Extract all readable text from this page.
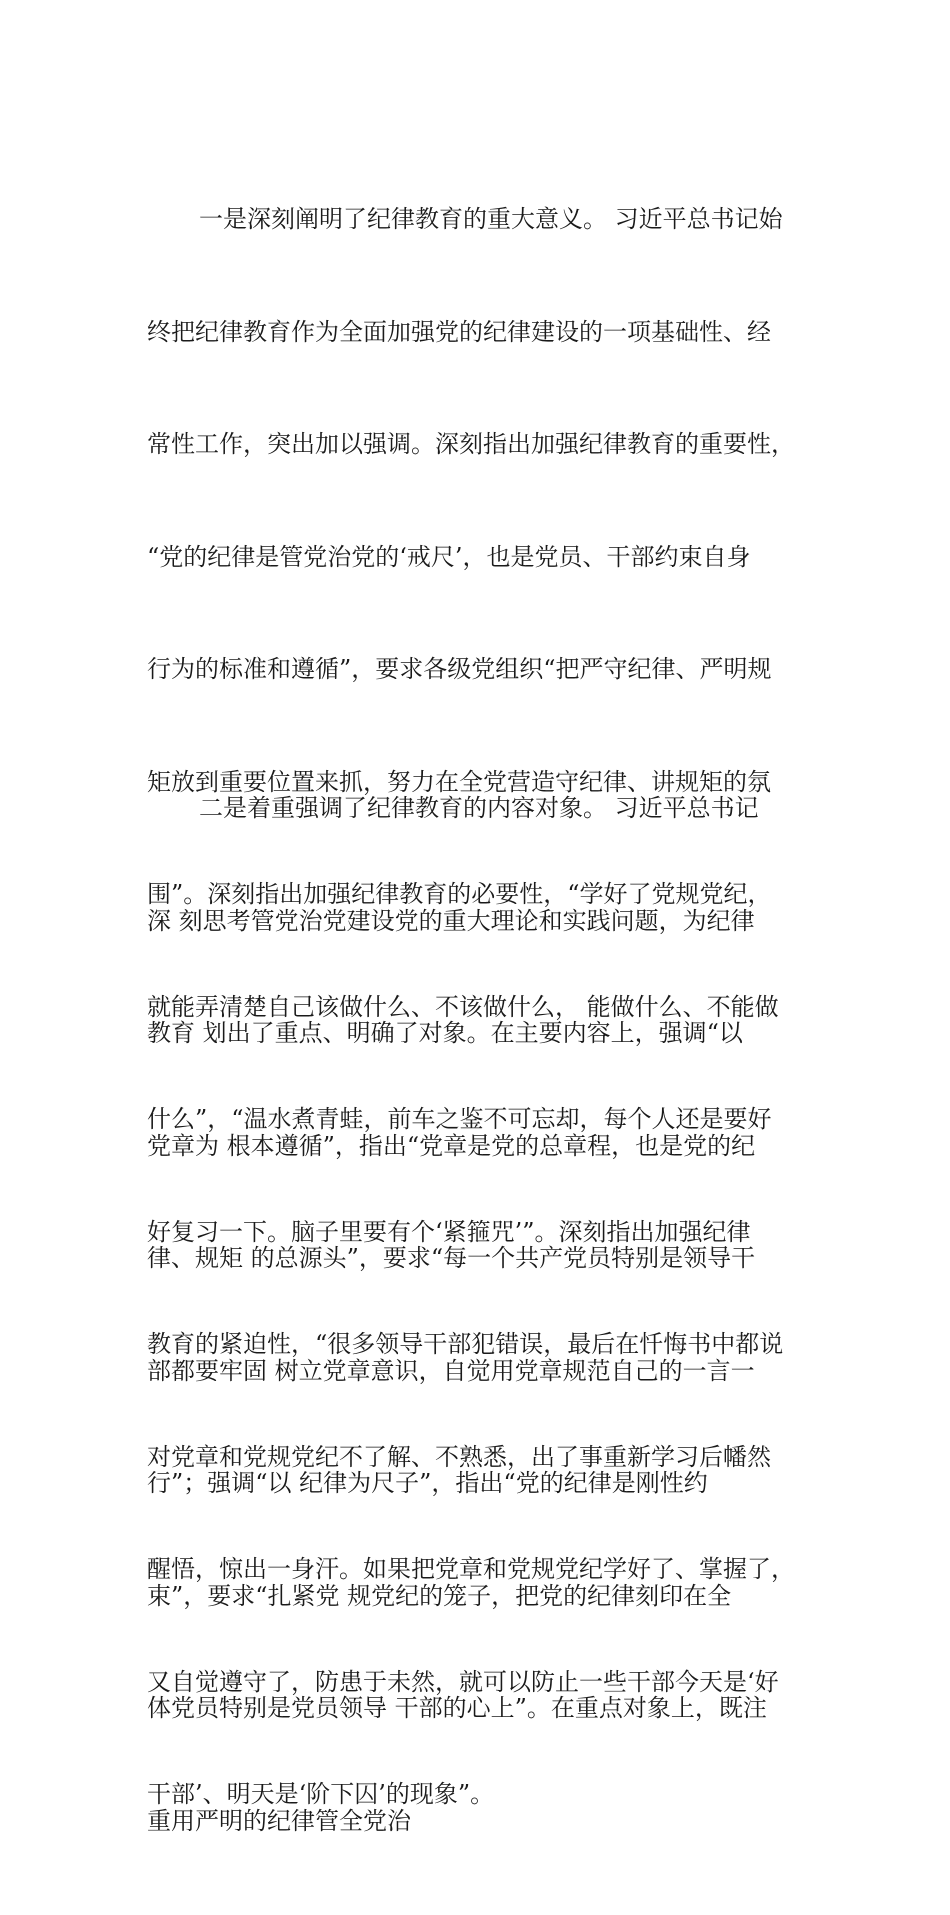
一是深刻阐明了纪律教育的重大意义。 习近平总书记始

终把纪律教育作为全面加强党的纪律建设的一项基础性、经

常性工作，突出加以强调。深刻指出加强纪律教育的重要性，

“党的纪律是管党治党的‘戒尺’，也是党员、干部约束自身

行为的标准和遵循”，要求各级党组织“把严守纪律、严明规

矩放到重要位置来抓，努力在全党营造守纪律、讲规矩的氛

围”。深刻指出加强纪律教育的必要性，“学好了党规党纪，

就能弄清楚自己该做什么、不该做什么， 能做什么、不能做

什么”，“温水煮青蛙，前车之鉴不可忘却，每个人还是要好

好复习一下。脑子里要有个‘紧箍咒’”。深刻指出加强纪律

教育的紧迫性，“很多领导干部犯错误，最后在忏悔书中都说

对党章和党规党纪不了解、不熟悉，出了事重新学习后幡然

醒悟，惊出一身汗。如果把党章和党规党纪学好了、掌握了，

又自觉遵守了，防患于未然，就可以防止一些干部今天是‘好

干部’、明天是‘阶下囚’的现象”。

二是着重强调了纪律教育的内容对象。 习近平总书记

深 刻思考管党治党建设党的重大理论和实践问题，为纪律

教育 划出了重点、明确了对象。在主要内容上，强调“以

党章为 根本遵循”，指出“党章是党的总章程，也是党的纪

律、规矩 的总源头”，要求“每一个共产党员特别是领导干

部都要牢固 树立党章意识，自觉用党章规范自己的一言一

行”；强调“以 纪律为尺子”，指出“党的纪律是刚性约

束”，要求“扎紧党 规党纪的笼子，把党的纪律刻印在全

体党员特别是党员领导 干部的心上”。在重点对象上，既注

重用严明的纪律管全党治
